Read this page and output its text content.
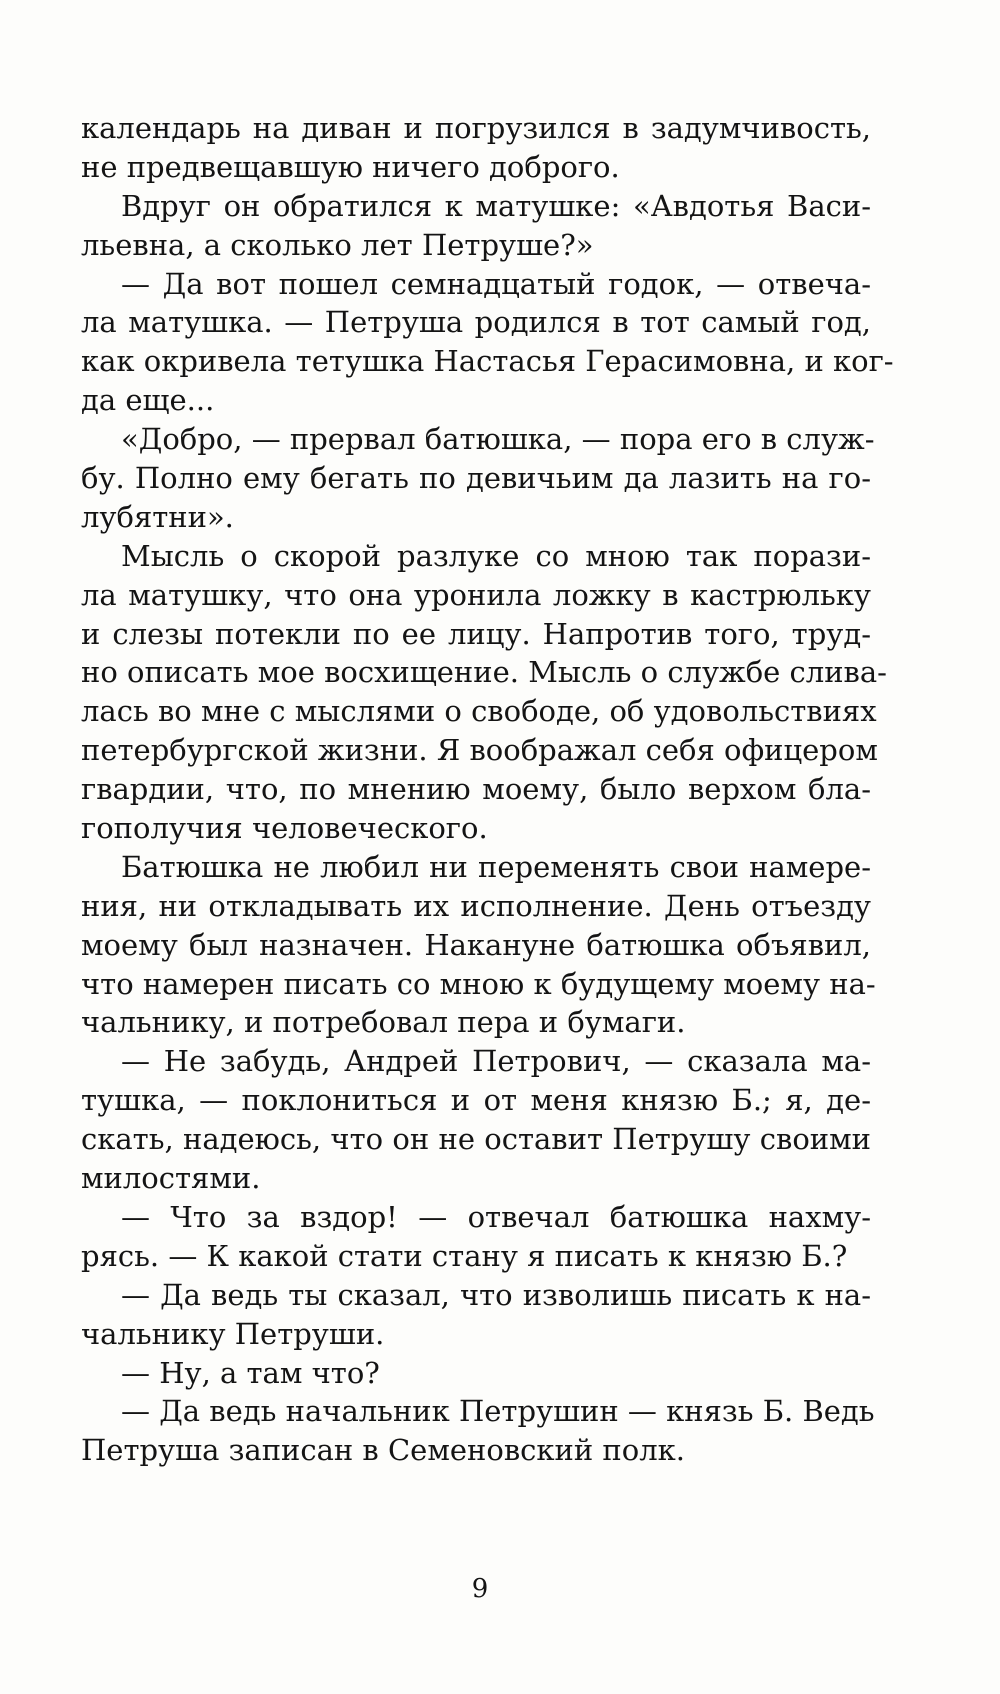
календарь на диван и погрузился в задумчивость,
не предвещавшую ничего доброго.
Вдруг он обратился к матушке: «Авдотья Васи-
льевна, а сколько лет Петруше?»
— Да вот пошел семнадцатый годок, — отвеча-
ла матушка. — Петруша родился в тот самый год,
как окривела тетушка Настасья Герасимовна, и ког-
да еще...
«Добро, — прервал батюшка, — пора его в служ-
бу. Полно ему бегать по девичьим да лазить на го-
лубятни».
Мысль о скорой разлуке со мною так порази-
ла матушку, что она уронила ложку в кастрюльку
и слезы потекли по ее лицу. Напротив того, труд-
но описать мое восхищение. Мысль о службе слива-
лась во мне с мыслями о свободе, об удовольствиях
петербургской жизни. Я воображал себя офицером
гвардии, что, по мнению моему, было верхом бла-
гополучия человеческого.
Батюшка не любил ни переменять свои намере-
ния, ни откладывать их исполнение. День отъезду
моему был назначен. Накануне батюшка объявил,
что намерен писать со мною к будущему моему на-
чальнику, и потребовал пера и бумаги.
— Не забудь, Андрей Петрович, — сказала ма-
тушка, — поклониться и от меня князю Б.; я, де-
скать, надеюсь, что он не оставит Петрушу своими
милостями.
— Что за вздор! — отвечал батюшка нахму-
рясь. — К какой стати стану я писать к князю Б.?
— Да ведь ты сказал, что изволишь писать к на-
чальнику Петруши.
— Ну, а там что?
— Да ведь начальник Петрушин — князь Б. Ведь
Петруша записан в Семеновский полк.
9
